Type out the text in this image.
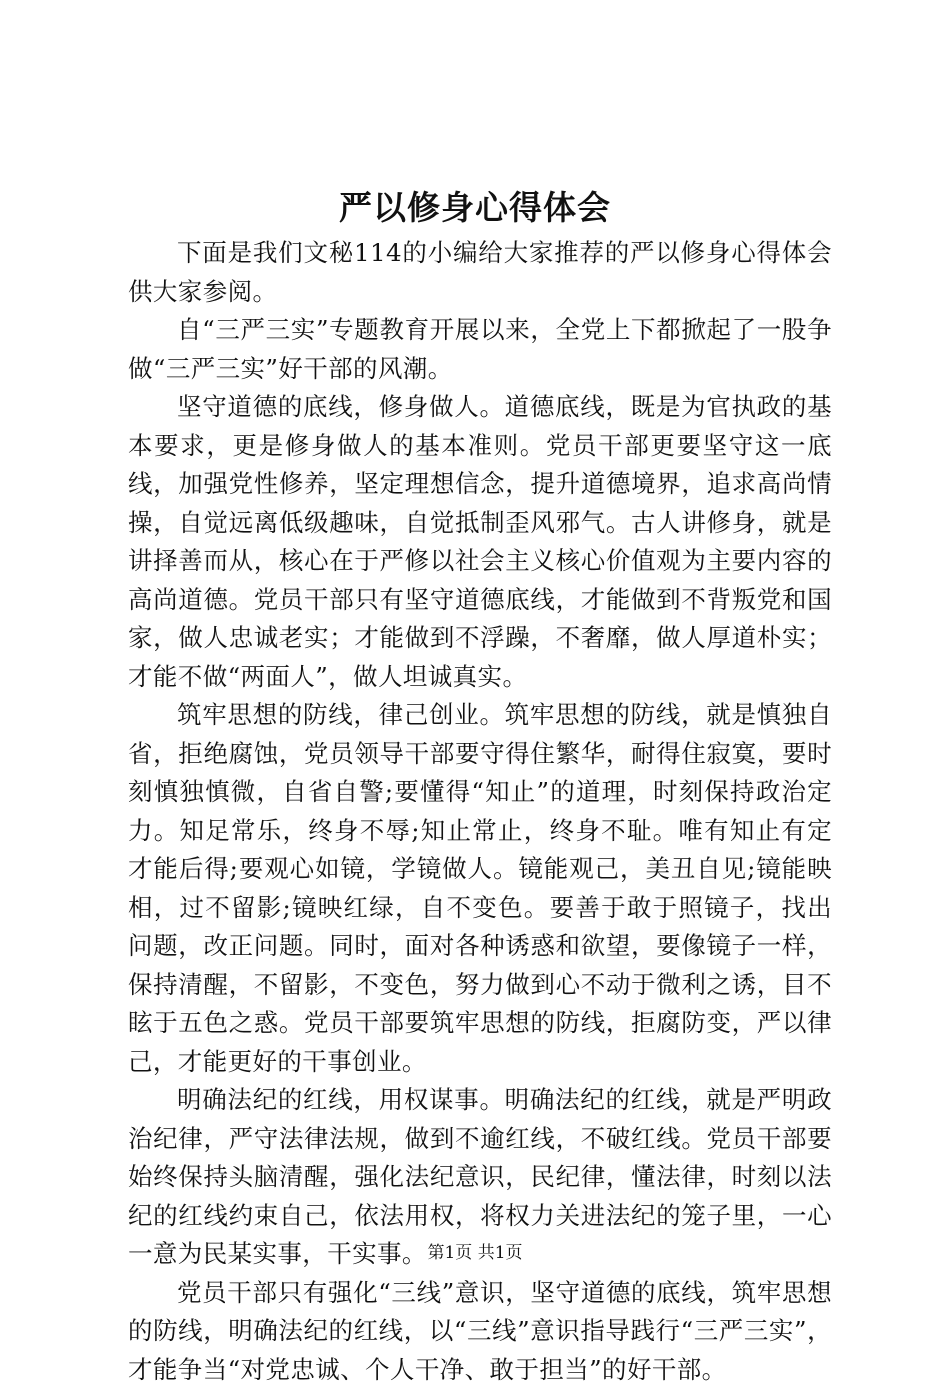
严以修身心得体会

下面是我们文秘114的小编给大家推荐的严以修身心得体会供大家参阅。

自“三严三实”专题教育开展以来，全党上下都掀起了一股争做“三严三实”好干部的风潮。

坚守道德的底线，修身做人。道德底线，既是为官执政的基本要求，更是修身做人的基本准则。党员干部更要坚守这一底线，加强党性修养，坚定理想信念，提升道德境界，追求高尚情操，自觉远离低级趣味，自觉抵制歪风邪气。古人讲修身，就是讲择善而从，核心在于严修以社会主义核心价值观为主要内容的高尚道德。党员干部只有坚守道德底线，才能做到不背叛党和国家，做人忠诚老实；才能做到不浮躁，不奢靡，做人厚道朴实；才能不做“两面人”，做人坦诚真实。

筑牢思想的防线，律己创业。筑牢思想的防线，就是慎独自省，拒绝腐蚀，党员领导干部要守得住繁华，耐得住寂寞，要时刻慎独慎微，自省自警;要懂得“知止”的道理，时刻保持政治定力。知足常乐，终身不辱;知止常止，终身不耻。唯有知止有定才能后得;要观心如镜，学镜做人。镜能观己，美丑自见;镜能映相，过不留影;镜映红绿，自不变色。要善于敢于照镜子，找出问题，改正问题。同时，面对各种诱惑和欲望，要像镜子一样，保持清醒，不留影，不变色，努力做到心不动于微利之诱，目不眩于五色之惑。党员干部要筑牢思想的防线，拒腐防变，严以律己，才能更好的干事创业。

明确法纪的红线，用权谋事。明确法纪的红线，就是严明政治纪律，严守法律法规，做到不逾红线，不破红线。党员干部要始终保持头脑清醒，强化法纪意识，民纪律，懂法律，时刻以法纪的红线约束自己，依法用权，将权力关进法纪的笼子里，一心一意为民某实事，干实事。

党员干部只有强化“三线”意识，坚守道德的底线，筑牢思想的防线，明确法纪的红线，以“三线”意识指导践行“三严三实”，才能争当“对党忠诚、个人干净、敢于担当”的好干部。

第1页 共1页
